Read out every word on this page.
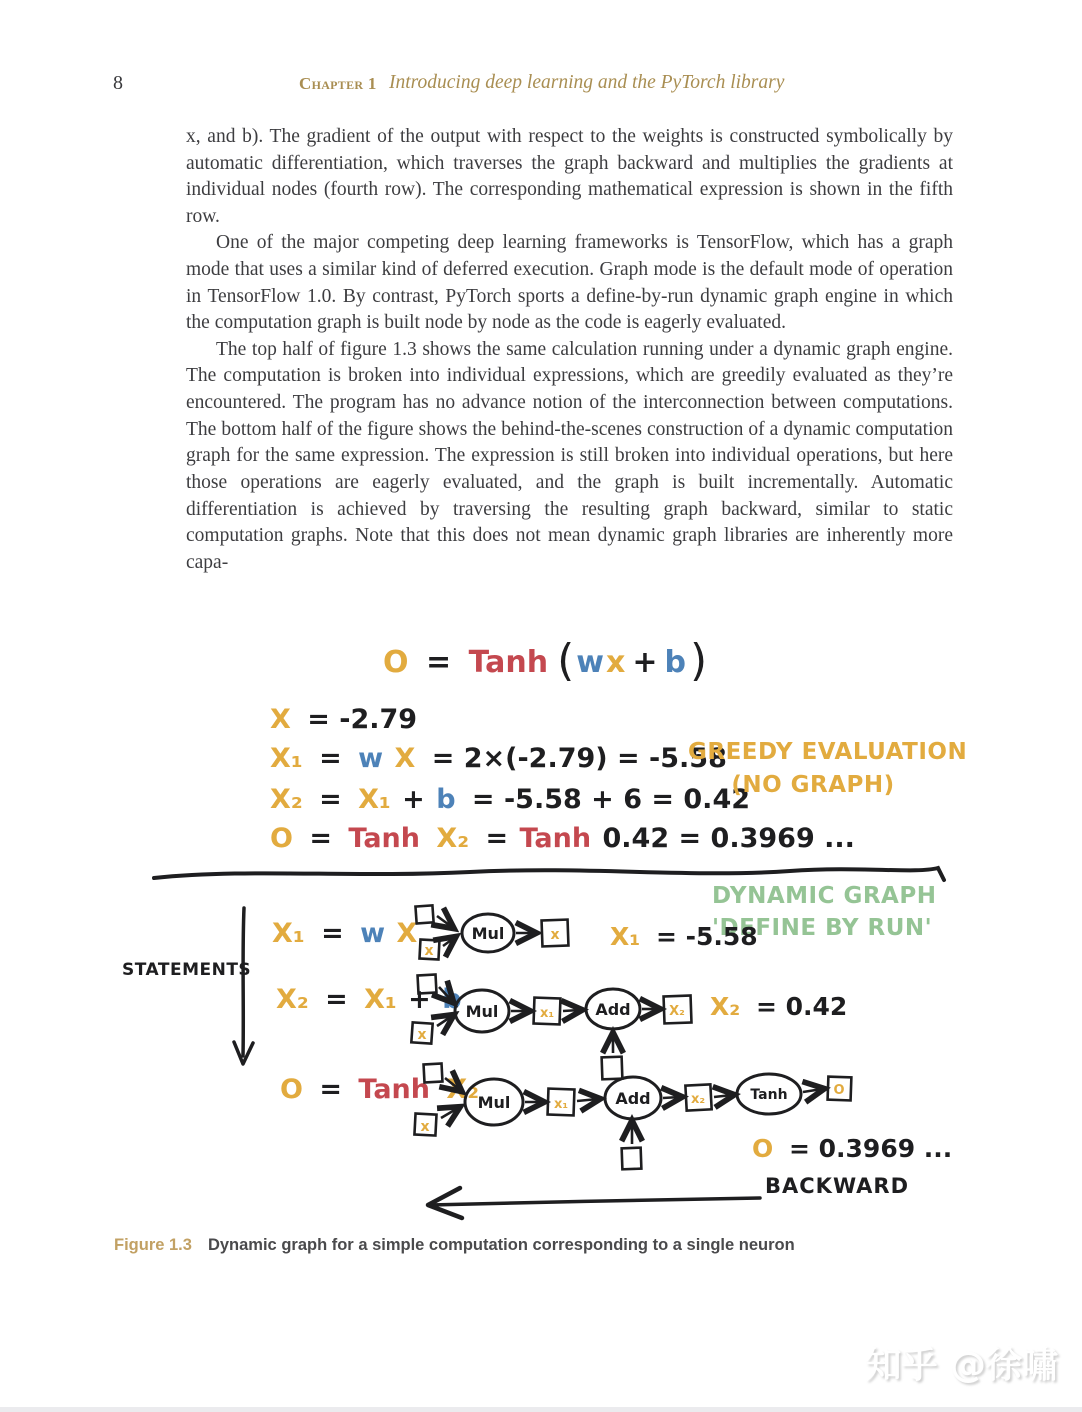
8	Chapter 1 Introducing deep learning and the PyTorch library

x, and b). The gradient of the output with respect to the weights is constructed symbolically by automatic differentiation, which traverses the graph backward and multiplies the gradients at individual nodes (fourth row). The corresponding mathematical expression is shown in the fifth row.

One of the major competing deep learning frameworks is TensorFlow, which has a graph mode that uses a similar kind of deferred execution. Graph mode is the default mode of operation in TensorFlow 1.0. By contrast, PyTorch sports a define-by-run dynamic graph engine in which the computation graph is built node by node as the code is eagerly evaluated.

The top half of figure 1.3 shows the same calculation running under a dynamic graph engine. The computation is broken into individual expressions, which are greedily evaluated as they’re encountered. The program has no advance notion of the interconnection between computations. The bottom half of the figure shows the behind-the-scenes construction of a dynamic computation graph for the same expression. The expression is still broken into individual operations, but here those operations are eagerly evaluated, and the graph is built incrementally. Automatic differentiation is achieved by traversing the resulting graph backward, similar to static computation graphs. Note that this does not mean dynamic graph libraries are inherently more capa-

O = Tanh (wx + b)
X = -2.79
X₁ = w X = 2×(-2.79) = -5.58
X₂ = X₁ + b = -5.58 + 6 = 0.42
O = Tanh X₂ = Tanh 0.42 = 0.3969 ...
GREEDY EVALUATION
(NO GRAPH)
DYNAMIC GRAPH
'DEFINE BY RUN'
STATEMENTS
X₁ = w X
X₂ = X₁ + b
O = Tanh X₂
x
Mul	x X₁ = -5.58
x
Mul	x₁	Add	X₂ X₂ = 0.42
x
Mul	x₁	Add	x₂	Tanh	O
O = 0.3969 ...
BACKWARD
Figure 1.3 Dynamic graph for a simple computation corresponding to a single neuron
知乎 @徐嘯
